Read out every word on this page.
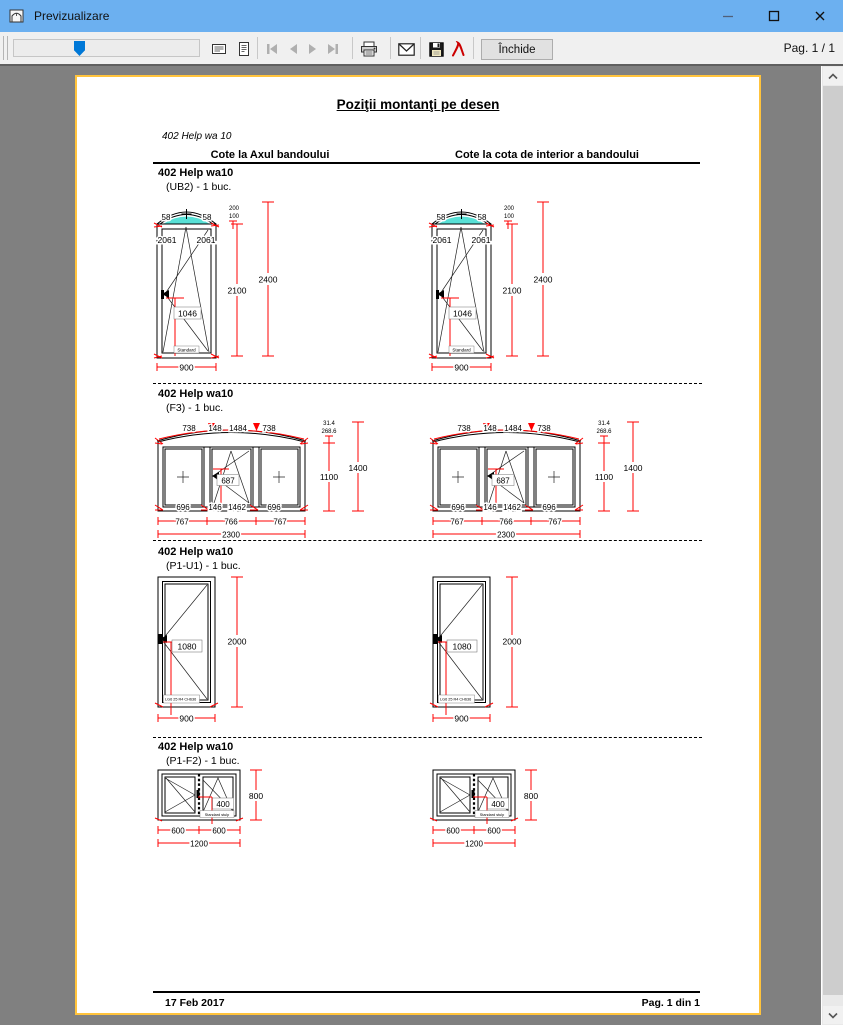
Previzualizare
Închide	Pag. 1 / 1
Poziţii montanţi pe desen
402 Help wa 10
Cote la Axul bandoului	Cote la cota de interior a bandoului
402 Help wa10
(UB2) - 1 buc.
1046
58	58
200
100
2061 2061
2100
2400
900
Standard
1046
58	58
200
100
2061 2061
2100
2400
900
Standard
402 Help wa10
(F3) - 1 buc.
738 148 1484 738
687
696 146 1462	696
31.4
268.6
1100
1400
767	766	767
2300
738 148 1484 738
687
696 146 1462	696
31.4
268.6
1100
1400
767	766	767
2300
402 Help wa10
(P1-U1) - 1 buc.
1080	2000
LG6 25 R4 CH636
900
1080	2000
LG6 25 R4 CH636
900
402 Help wa10
(P1-F2) - 1 buc.
400
Standard stulp
800
600	600
1200
400
Standard stulp
800
600	600
1200
17 Feb 2017	Pag. 1 din 1
